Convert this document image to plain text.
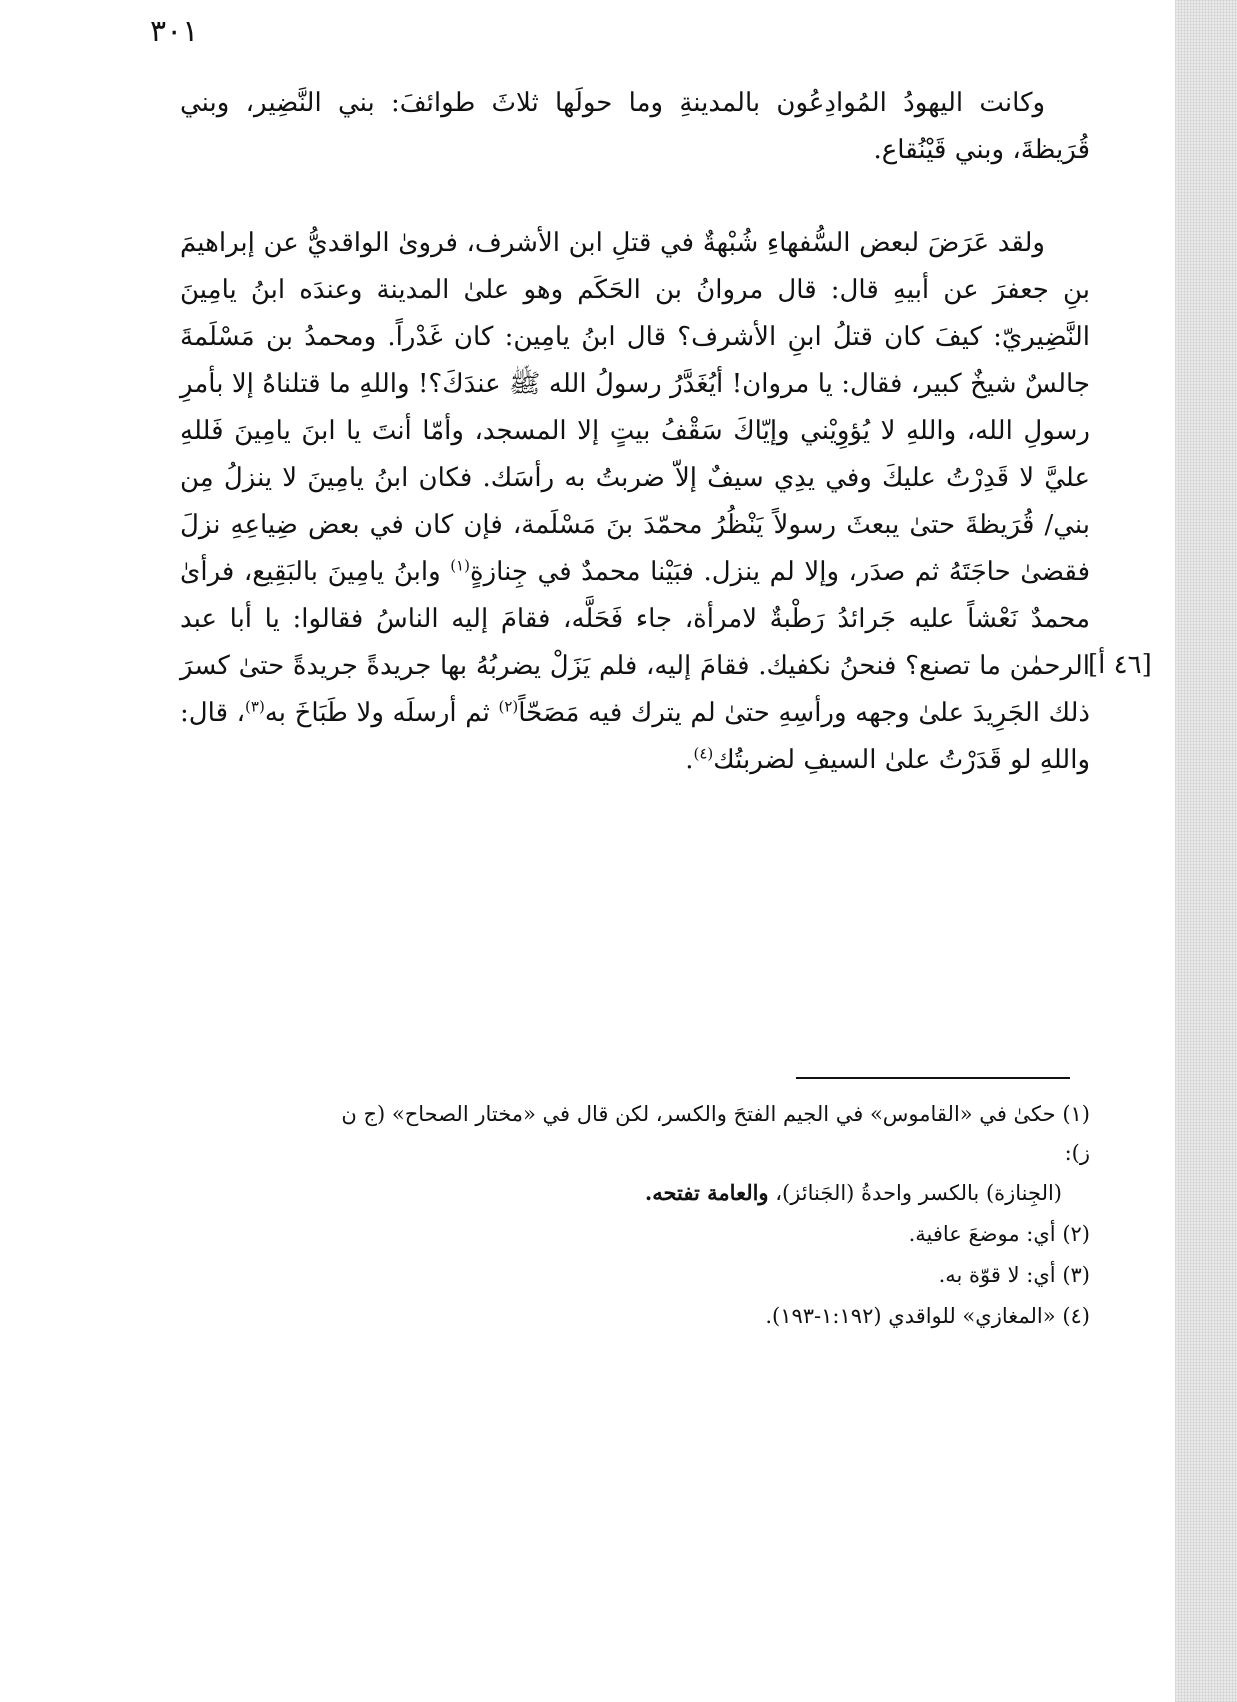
٣٠١

وكانت اليهودُ المُوادِعُون بالمدينةِ وما حولَها ثلاثَ طوائفَ: بني النَّضِير، وبني قُرَيظةَ، وبني قَيْنُقاع.

ولقد عَرَضَ لبعض السُّفهاءِ شُبْهةٌ في قتلِ ابن الأشرف، فروىٰ الواقديُّ عن إبراهيمَ بنِ جعفرَ عن أبيهِ قال: قال مروانُ بن الحَكَم وهو علىٰ المدينة وعندَه ابنُ يامِينَ النَّضِيريّ: كيفَ كان قتلُ ابنِ الأشرف؟ قال ابنُ يامِين: كان غَدْراً. ومحمدُ بن مَسْلَمةَ جالسٌ شيخٌ كبير، فقال: يا مروان! أيُغَدَّرُ رسولُ الله ﷺ عندَكَ؟! واللهِ ما قتلناهُ إلا بأمرِ رسولِ الله، واللهِ لا يُؤوِيْني وإيّاكَ سَقْفُ بيتٍ إلا المسجد، وأمّا أنتَ يا ابنَ يامِينَ فَللهِ عليَّ لا قَدِرْتُ عليكَ وفي يدِي سيفٌ إلاّ ضربتُ به رأسَك. فكان ابنُ يامِينَ لا ينزلُ مِن بني/ قُرَيظةَ حتىٰ يبعثَ رسولاً يَنْظُرُ محمّدَ بنَ مَسْلَمة، فإن كان في بعض ضِياعِهِ نزلَ فقضىٰ حاجَتَهُ ثم صدَر، وإلا لم ينزل. فبَيْنا محمدٌ في جِنازةٍ$^{(١)}$ وابنُ يامِينَ بالبَقِيع، فرأىٰ محمدٌ نَعْشاً عليه جَرائدُ رَطْبةٌ لامرأة، جاء فَحَلَّه، فقامَ إليه الناسُ فقالوا: يا أبا عبد الرحمٰن ما تصنع؟ فنحنُ نكفيك. فقامَ إليه، فلم يَزَلْ يضربُهُ بها جريدةً جريدةً حتىٰ كسرَ ذلك الجَرِيدَ علىٰ وجهه ورأسِهِ حتىٰ لم يترك فيه مَصَحّاً$^{(٢)}$ ثم أرسلَه ولا طَبَاخَ به$^{(٣)}$، قال: واللهِ لو قَدَرْتُ علىٰ السيفِ لضربتُك$^{(٤)}$.

[٤٦ أ]
(١) حكىٰ في «القاموس» في الجيم الفتحَ والكسر، لكن قال في «مختار الصحاح» (ج ن ز):
(الجِنازة) بالكسر واحدةُ (الجَنائز)، والعامة تفتحه.
(٢) أي: موضعَ عافية.
(٣) أي: لا قوّة به.
(٤) «المغازي» للواقدي (١:١٩٢-١٩٣).
